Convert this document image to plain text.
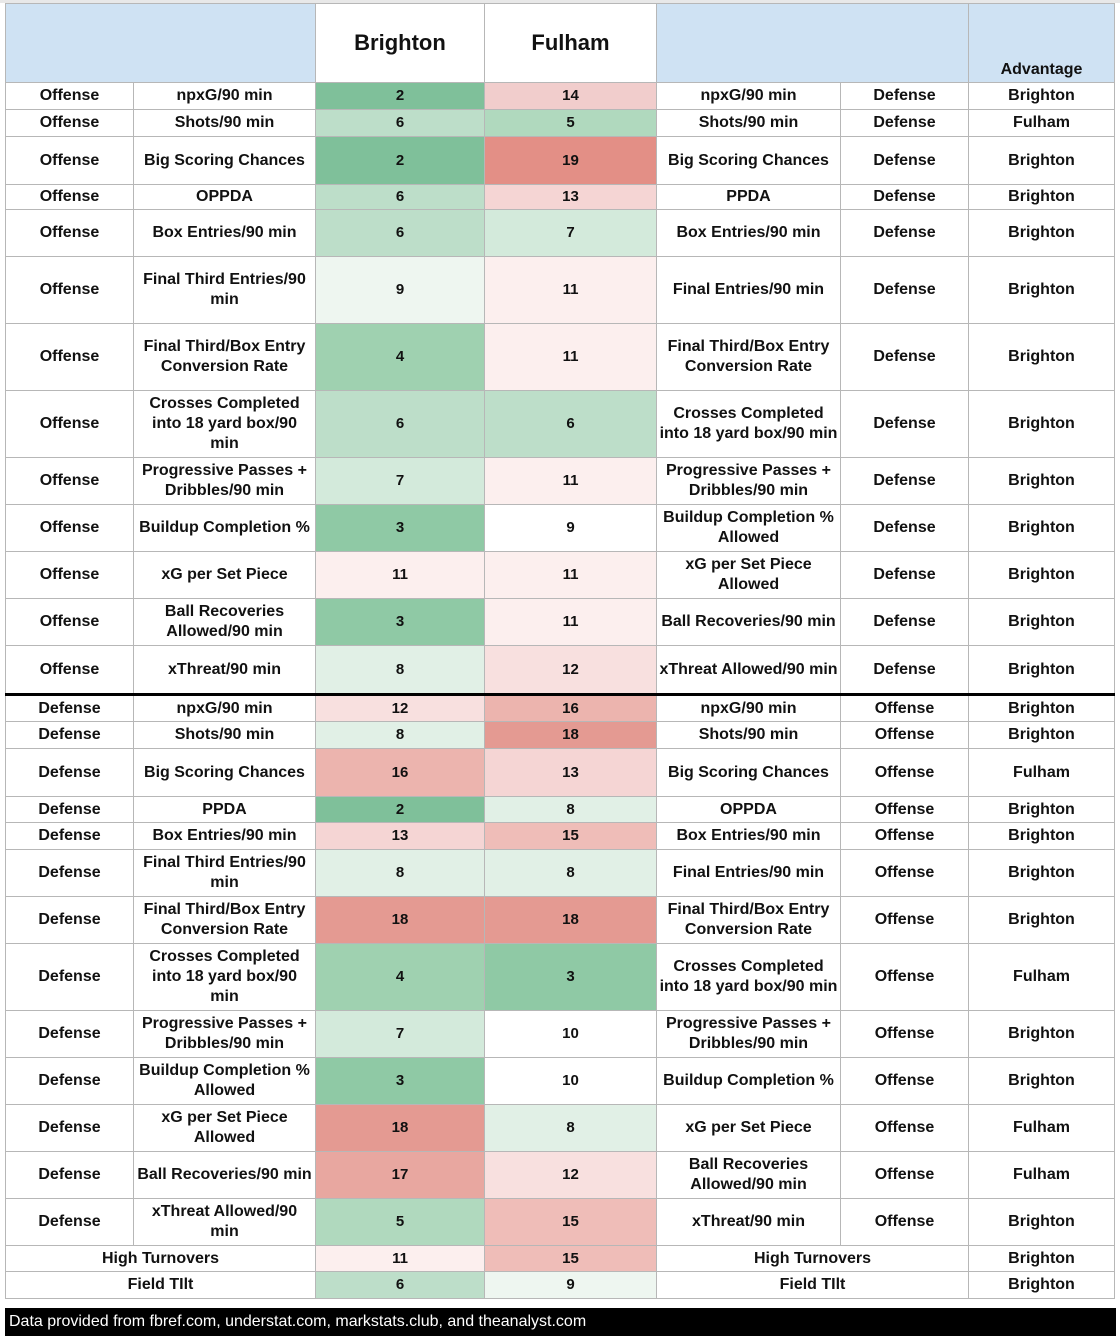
		Brighton	Fulham			Advantage
Offense	npxG/90 min	2	14	npxG/90 min	Defense	Brighton
Offense	Shots/90 min	6	5	Shots/90 min	Defense	Fulham
Offense	Big Scoring Chances	2	19	Big Scoring Chances	Defense	Brighton
Offense	OPPDA	6	13	PPDA	Defense	Brighton
Offense	Box Entries/90 min	6	7	Box Entries/90 min	Defense	Brighton
Offense	Final Third Entries/90 min	9	11	Final Entries/90 min	Defense	Brighton
Offense	Final Third/Box Entry Conversion Rate	4	11	Final Third/Box Entry Conversion Rate	Defense	Brighton
Offense	Crosses Completed into 18 yard box/90 min	6	6	Crosses Completed into 18 yard box/90 min	Defense	Brighton
Offense	Progressive Passes + Dribbles/90 min	7	11	Progressive Passes + Dribbles/90 min	Defense	Brighton
Offense	Buildup Completion %	3	9	Buildup Completion % Allowed	Defense	Brighton
Offense	xG per Set Piece	11	11	xG per Set Piece Allowed	Defense	Brighton
Offense	Ball Recoveries Allowed/90 min	3	11	Ball Recoveries/90 min	Defense	Brighton
Offense	xThreat/90 min	8	12	xThreat Allowed/90 min	Defense	Brighton
Defense	npxG/90 min	12	16	npxG/90 min	Offense	Brighton
Defense	Shots/90 min	8	18	Shots/90 min	Offense	Brighton
Defense	Big Scoring Chances	16	13	Big Scoring Chances	Offense	Fulham
Defense	PPDA	2	8	OPPDA	Offense	Brighton
Defense	Box Entries/90 min	13	15	Box Entries/90 min	Offense	Brighton
Defense	Final Third Entries/90 min	8	8	Final Entries/90 min	Offense	Brighton
Defense	Final Third/Box Entry Conversion Rate	18	18	Final Third/Box Entry Conversion Rate	Offense	Brighton
Defense	Crosses Completed into 18 yard box/90 min	4	3	Crosses Completed into 18 yard box/90 min	Offense	Fulham
Defense	Progressive Passes + Dribbles/90 min	7	10	Progressive Passes + Dribbles/90 min	Offense	Brighton
Defense	Buildup Completion % Allowed	3	10	Buildup Completion %	Offense	Brighton
Defense	xG per Set Piece Allowed	18	8	xG per Set Piece	Offense	Fulham
Defense	Ball Recoveries/90 min	17	12	Ball Recoveries Allowed/90 min	Offense	Fulham
Defense	xThreat Allowed/90 min	5	15	xThreat/90 min	Offense	Brighton
High Turnovers		11	15	High Turnovers		Brighton
Field TIlt		6	9	Field TIlt		Brighton
Data provided from fbref.com, understat.com, markstats.club, and theanalyst.com
